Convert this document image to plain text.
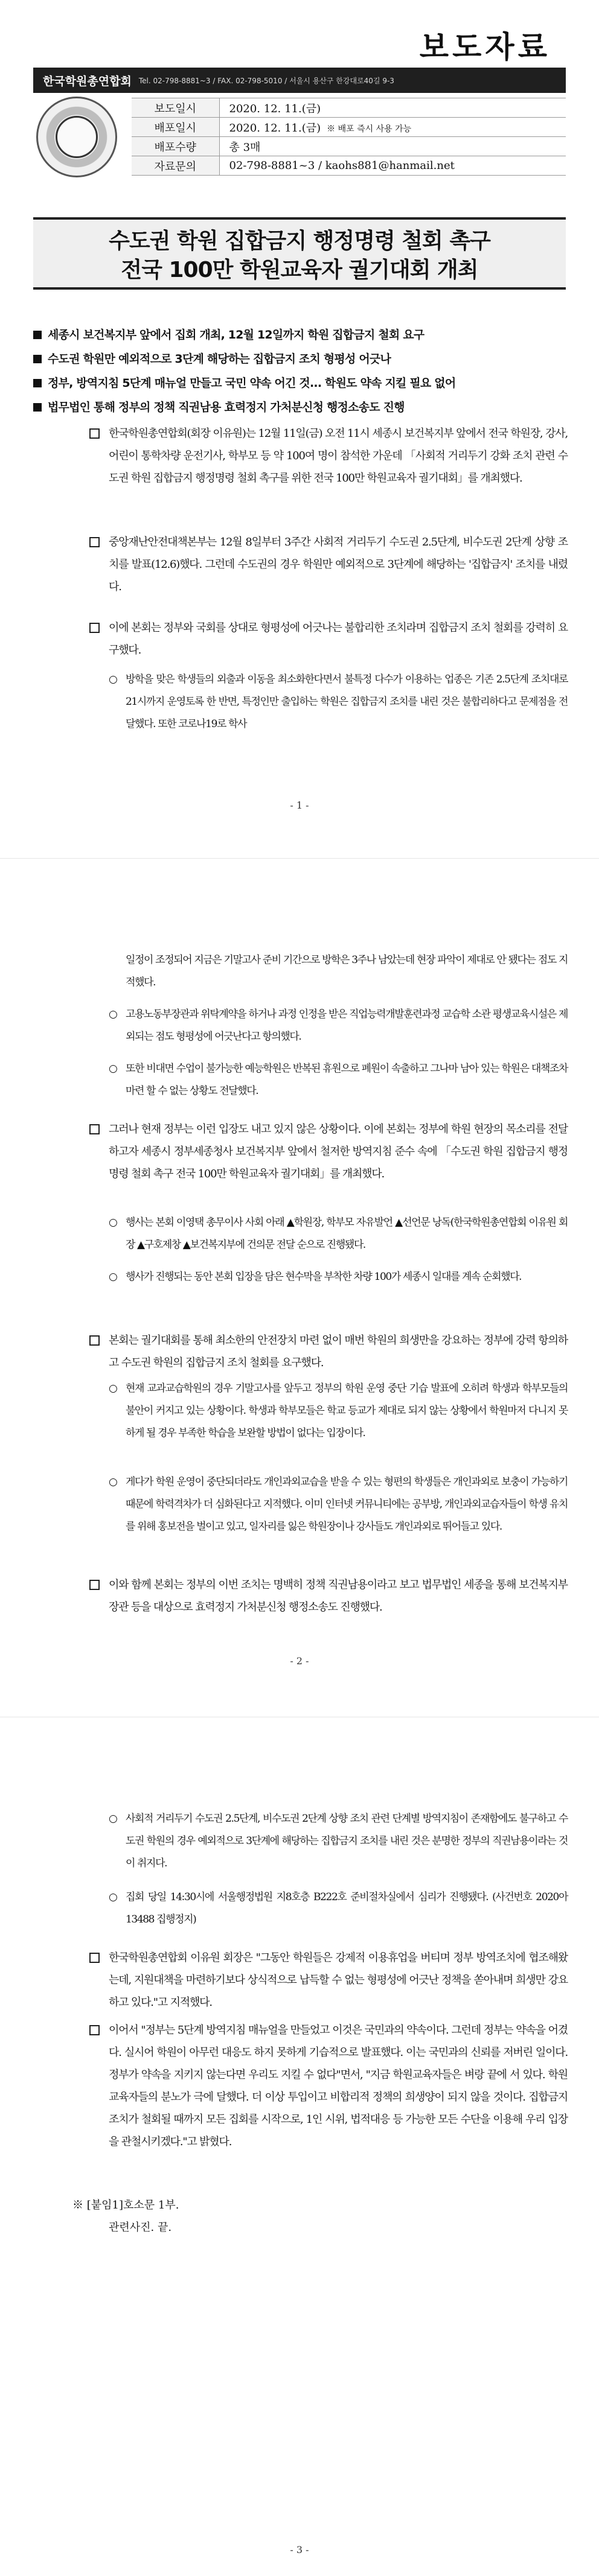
보도자료
한국학원총연합회	Tel. 02-798-8881~3 / FAX. 02-798-5010 / 서울시 용산구 한강대로40길 9-3
보도일시	2020. 12. 11.(금)
배포일시	2020. 12. 11.(금) ※ 배포 즉시 사용 가능
배포수량	총 3매
자료문의	02-798-8881~3 / kaohs881@hanmail.net
수도권 학원 집합금지 행정명령 철회 촉구
전국 100만 학원교육자 궐기대회 개최
세종시 보건복지부 앞에서 집회 개최, 12월 12일까지 학원 집합금지 철회 요구
수도권 학원만 예외적으로 3단계 해당하는 집합금지 조치 형평성 어긋나
정부, 방역지침 5단계 매뉴얼 만들고 국민 약속 어긴 것... 학원도 약속 지킬 필요 없어
법무법인 통해 정부의 정책 직권남용 효력정지 가처분신청 행정소송도 진행
한국학원총연합회(회장 이유원)는 12월 11일(금) 오전 11시 세종시 보건복지부 앞에서 전국 학원장, 강사, 어린이 통학차량 운전기사, 학부모 등 약 100여 명이 참석한 가운데 「사회적 거리두기 강화 조치 관련 수도권 학원 집합금지 행정명령 철회 촉구를 위한 전국 100만 학원교육자 궐기대회」를 개최했다.
중앙재난안전대책본부는 12월 8일부터 3주간 사회적 거리두기 수도권 2.5단계, 비수도권 2단계 상향 조치를 발표(12.6)했다. 그런데 수도권의 경우 학원만 예외적으로 3단계에 해당하는 '집합금지' 조치를 내렸다.
이에 본회는 정부와 국회를 상대로 형평성에 어긋나는 불합리한 조치라며 집합금지 조치 철회를 강력히 요구했다.
○ 방학을 맞은 학생들의 외출과 이동을 최소화한다면서 불특정 다수가 이용하는 업종은 기존 2.5단계 조치대로 21시까지 운영토록 한 반면, 특정인만 출입하는 학원은 집합금지 조치를 내린 것은 불합리하다고 문제점을 전달했다. 또한 코로나19로 학사
- 1 -
일정이 조정되어 지금은 기말고사 준비 기간으로 방학은 3주나 남았는데 현장 파악이 제대로 안 됐다는 점도 지적했다.
○ 고용노동부장관과 위탁계약을 하거나 과정 인정을 받은 직업능력개발훈련과정 교습학 소관 평생교육시설은 제외되는 점도 형평성에 어긋난다고 항의했다.
○ 또한 비대면 수업이 불가능한 예능학원은 반복된 휴원으로 폐원이 속출하고 그나마 남아 있는 학원은 대책조차 마련 할 수 없는 상황도 전달했다.
그러나 현재 정부는 이런 입장도 내고 있지 않은 상황이다. 이에 본회는 정부에 학원 현장의 목소리를 전달하고자 세종시 정부세종청사 보건복지부 앞에서 철저한 방역지침 준수 속에 「수도권 학원 집합금지 행정명령 철회 촉구 전국 100만 학원교육자 궐기대회」를 개최했다.
○ 행사는 본회 이영택 총무이사 사회 아래 ▲학원장, 학부모 자유발언 ▲선언문 낭독(한국학원총연합회 이유원 회장 ▲구호제창 ▲보건복지부에 건의문 전달 순으로 진행됐다.
○ 행사가 진행되는 동안 본회 입장을 담은 현수막을 부착한 차량 100가 세종시 일대를 계속 순회했다.
본회는 궐기대회를 통해 최소한의 안전장치 마련 없이 매번 학원의 희생만을 강요하는 정부에 강력 항의하고 수도권 학원의 집합금지 조치 철회를 요구했다.
○ 현재 교과교습학원의 경우 기말고사를 앞두고 정부의 학원 운영 중단 기습 발표에 오히려 학생과 학부모들의 불안이 커지고 있는 상황이다. 학생과 학부모들은 학교 등교가 제대로 되지 않는 상황에서 학원마저 다니지 못하게 될 경우 부족한 학습을 보완할 방법이 없다는 입장이다.
○ 게다가 학원 운영이 중단되더라도 개인과외교습을 받을 수 있는 형편의 학생들은 개인과외로 보충이 가능하기 때문에 학력격차가 더 심화된다고 지적했다. 이미 인터넷 커뮤니티에는 공부방, 개인과외교습자들이 학생 유치를 위해 홍보전을 벌이고 있고, 일자리를 잃은 학원장이나 강사들도 개인과외로 뛰어들고 있다.
이와 함께 본회는 정부의 이번 조치는 명백히 정책 직권남용이라고 보고 법무법인 세종을 통해 보건복지부 장관 등을 대상으로 효력정지 가처분신청 행정소송도 진행했다.
- 2 -
○ 사회적 거리두기 수도권 2.5단계, 비수도권 2단계 상향 조치 관련 단계별 방역지침이 존재함에도 불구하고 수도권 학원의 경우 예외적으로 3단계에 해당하는 집합금지 조치를 내린 것은 분명한 정부의 직권남용이라는 것이 취지다.
○ 집회 당일 14:30시에 서울행정법원 지8호층 B222호 준비절차실에서 심리가 진행됐다. (사건번호 2020아13488 집행정지)
한국학원총연합회 이유원 회장은 "그동안 학원들은 강제적 이용휴업을 버티며 정부 방역조치에 협조해왔는데, 지원대책을 마련하기보다 상식적으로 납득할 수 없는 형평성에 어긋난 정책을 쏟아내며 희생만 강요하고 있다."고 지적했다.
이어서 "정부는 5단계 방역지침 매뉴얼을 만들었고 이것은 국민과의 약속이다. 그런데 정부는 약속을 어겼다. 실시어 학원이 아무런 대응도 하지 못하게 기습적으로 발표했다. 이는 국민과의 신뢰를 저버린 일이다. 정부가 약속을 지키지 않는다면 우리도 지킬 수 없다"면서, "지금 학원교육자들은 벼랑 끝에 서 있다. 학원교육자들의 분노가 극에 달했다. 더 이상 투입이고 비합리적 정책의 희생양이 되지 않을 것이다. 집합금지 조치가 철회될 때까지 모든 집회를 시작으로, 1인 시위, 법적대응 등 가능한 모든 수단을 이용해 우리 입장을 관철시키겠다."고 밝혔다.
※ [붙임1]호소문 1부.
관련사진. 끝.
- 3 -
